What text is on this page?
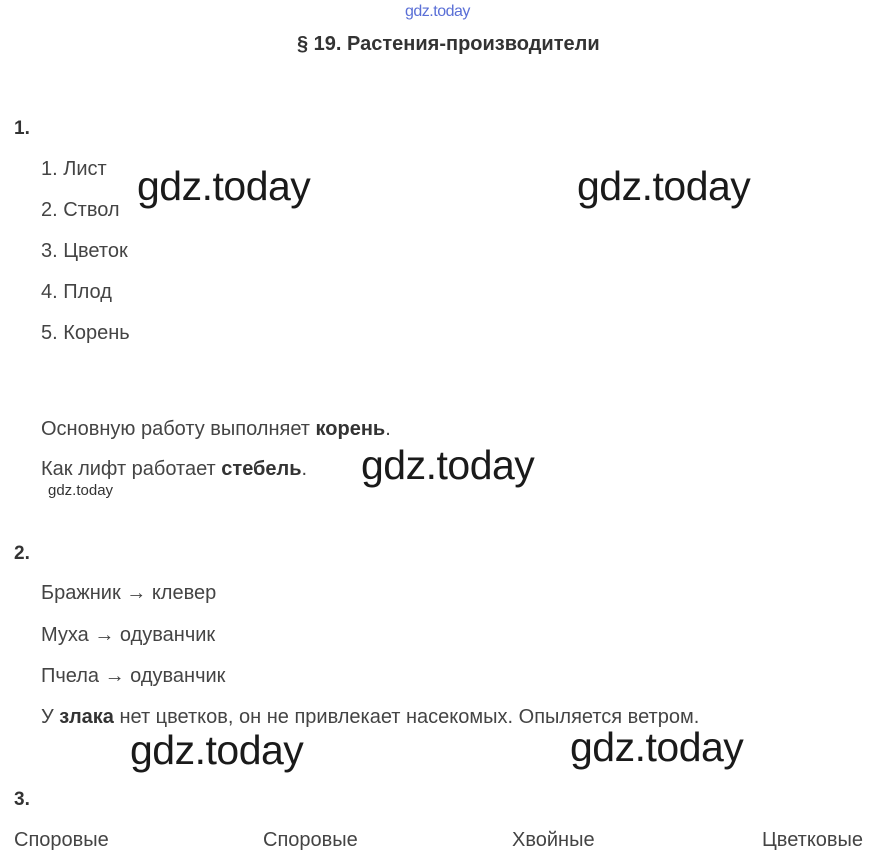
gdz.today
§ 19. Растения-производители
1.
1. Лист
2. Ствол
3. Цветок
4. Плод
5. Корень
gdz.today	gdz.today
Основную работу выполняет корень.
Как лифт работает стебель. gdz.today
gdz.today
2.
Бражник → клевер
Муха → одуванчик
Пчела → одуванчик
У злака нет цветков, он не привлекает насекомых. Опыляется ветром.
gdz.today	gdz.today
3.
Споровые	Споровые	Хвойные	Цветковые
